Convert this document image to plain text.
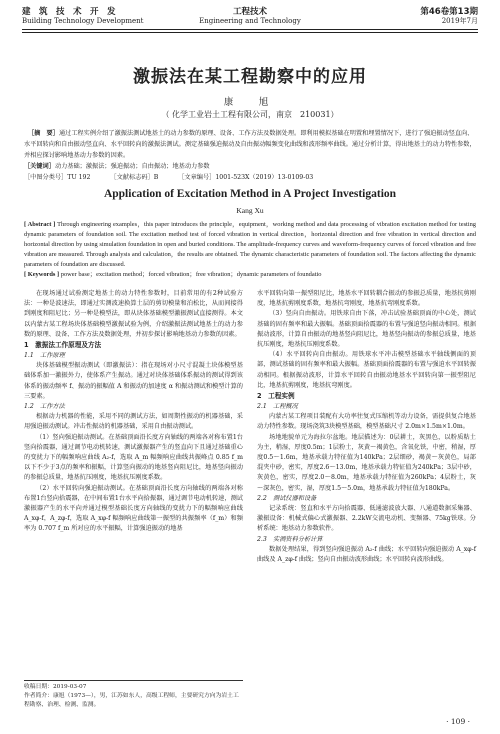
建　筑　技　术　开　发
Building Technology Development
工程技术
Engineering and Technology
第46卷第13期
2019年7月
激振法在某工程勘察中的应用
康　旭
（ 化学工业岩土工程有限公司，南京　210031）

［摘　要］通过工程实例介绍了激振法测试地基土的动力参数的原理、设备、工作方法及数据处理。即利用模拟基础在明置和埋置情况下，进行了强迫振动竖直向、水平回转向和自由振动竖直向、水平回转向的激振法测试。测定基础强迫振动及自由振动幅频变化曲线和波形频率曲线。通过分析计算，得出地基土的动力特性参数，并相应探讨影响地基动力参数的因素。

［关键词］动力基础；激振法；强迫振动；自由振动；地基动力参数
［中图分类号］TU 192	［文献标志码］B	［文章编号］1001-523X（2019）13-0109-03
Application of Excitation Method in A Project Investigation
Kang Xu

[ Abstract ] Through engineering examples，this paper introduces the principle，equipment，working method and data processing of vibration excitation method for testing dynamic parameters of foundation soil. The excitation method test of forced vibration in vertical direction，horizontal direction and free vibration in vertical direction and horizontal direction by using simulation foundation in open and buried conditions. The amplitude-frequency curves and waveform-frequency curves of forced vibration and free vibration are measured. Through analysis and calculation，the results are obtained. The dynamic characteristic parameters of foundation soil. The factors affecting the dynamic parameters of foundation are discussed.

[ Keywords ] power base；excitation method；forced vibration；free vibration；dynamic parameters of foundatio

在现场通过试验测定地基土的动力特性参数时，目前常用的有2种试验方法：一种是波速法，即通过实测波速换算土层的剪切模量和泊松比，从而间接得到刚度和阻尼比；另一种是模型法，即从块体基础模型激振测试直接测得。本文以内蒙古某工程场块体基础模型激振试验为例，介绍激振法测试地基土的动力参数的原理、设备、工作方法及数据处理，并初步探讨影响地基动力参数的因素。

1　激振法工作原理及方法
1.1　工作原理

块体基础模型振动测试（即激振法）：指在现场对小尺寸混凝土块体模型基础体系加一激振外力，使体系产生振动。通过对块体基础体系振动的测试得到该体系的振动频率 f、振动的振幅值 A 和振动的加速度 α 和振动测试和模型计算的三要素。

1.2　工作方法

根据动力机器的性能，采用不同的测试方法，如周期性振动的机器基础，采用强迫振动测试。冲击性振动的机器基础，采用自由振动测试。

（1）竖向强迫振动测试。在基础顶面沿长度方向轴线的两端各对称布置1台竖向拾震器，通过调节电动机转速，测试激振器产生的竖直向下且通过基础重心的变扰力下的幅频响应曲线 A₂-f，选取 A_m 幅频响应曲线共振峰点 0.85 f_m 以下不少于3点的频率和振幅，计算竖向振动的地基竖向阻尼比，地基竖向振动的参振总质量，地基抗压刚度，地基抗压刚度系数。

（2）水平回转向强迫振动测试。在基础顶面沿长度方向轴线的两端各对称布置1台竖向拾震器，在中间布置1台水平向拾振器，通过调节电动机转速，测试激振器产生的水平向并通过模型基础长度方向轴线的变扰力下的幅频响应曲线 A_xφ-f，A_zφ-f，选取 A_xφ-f 幅频响应曲线第一振型的共振频率（f_m）和频率为 0.707 f_m 所对应的水平振幅，计算强迫振动的地基

水平回转向第一振型阻尼比，地基水平回转耦合振动的参振总质量，地基抗剪刚度，地基抗剪刚度系数，地基抗弯刚度，地基抗弯刚度系数。

（3）竖向自由振动。用铁球自由下落，冲击试验基础顶面的中心处，测试基础的固有频率和最大振幅。基础顶面拾震器的布置与强迫竖向振动相同。根据振动波形，计算自由振动的地基竖向阻尼比，地基竖向振动的参振总质量，地基抗压刚度，地基抗压刚度系数。

（4）水平回转向自由振动。用铁球水平冲击模型基础水平轴线侧面的顶部，测试基础的固有频率和最大振幅。基础顶面拾震器的布置与强迫水平回转振动相同。根据振动波形，计算水平回转自由振动地基水平回转向第一振型阻尼比，地基抗剪刚度，地基抗弯刚度。

2　工程实例
2.1　工程概况

内蒙古某工程项目装配有大功率往复式压缩机等动力设备，需提供复合地基动力特性参数。现场浇筑3块模型基础，模型基础尺寸 2.0m×1.5m×1.0m。

场地地貌单元为海拉尔盆地。地层描述为：0层耕土，灰黑色，以粉质粘土为主，稍湿，厚度0.5m；1层粉土，灰黄～褐黄色，含氧化铁，中密，稍湿，厚度0.5～1.6m，地基承载力特征值为140kPa；2层细砂，褐黄～灰黄色，局部混夹中砂，密实，厚度2.6～13.0m，地基承载力特征值为240kPa；3层中砂，灰黄色，密实，厚度2.0～8.0m，地基承载力特征值为260kPa；4层粉土，灰～深灰色，密实，湿，厚度1.5～5.0m，地基承载力特征值为180kPa。

2.2　测试仪器和设备

记录系统：竖直和水平方向拾震器、低通滤波放大器、八通道数据采集器、激振设备：机械式偏心式激振器、2.2kW交流电动机、变频器、75kg铁球。分析系统：地基动力参数软件。

2.3　实测资料分析计算

数据处理结果，得到竖向强迫振动 A₂-f 曲线；水平回转向强迫振动 A_xφ-f 曲线及 A_zφ-f 曲线；竖向自由振动波形曲线；水平回转向波形曲线。

收稿日期：2019-03-07

作者简介：康旭（1973—），男，江苏如东人，高级工程师，主要研究方向为岩土工程勘察、治理、检测、监测。

· 109 ·
